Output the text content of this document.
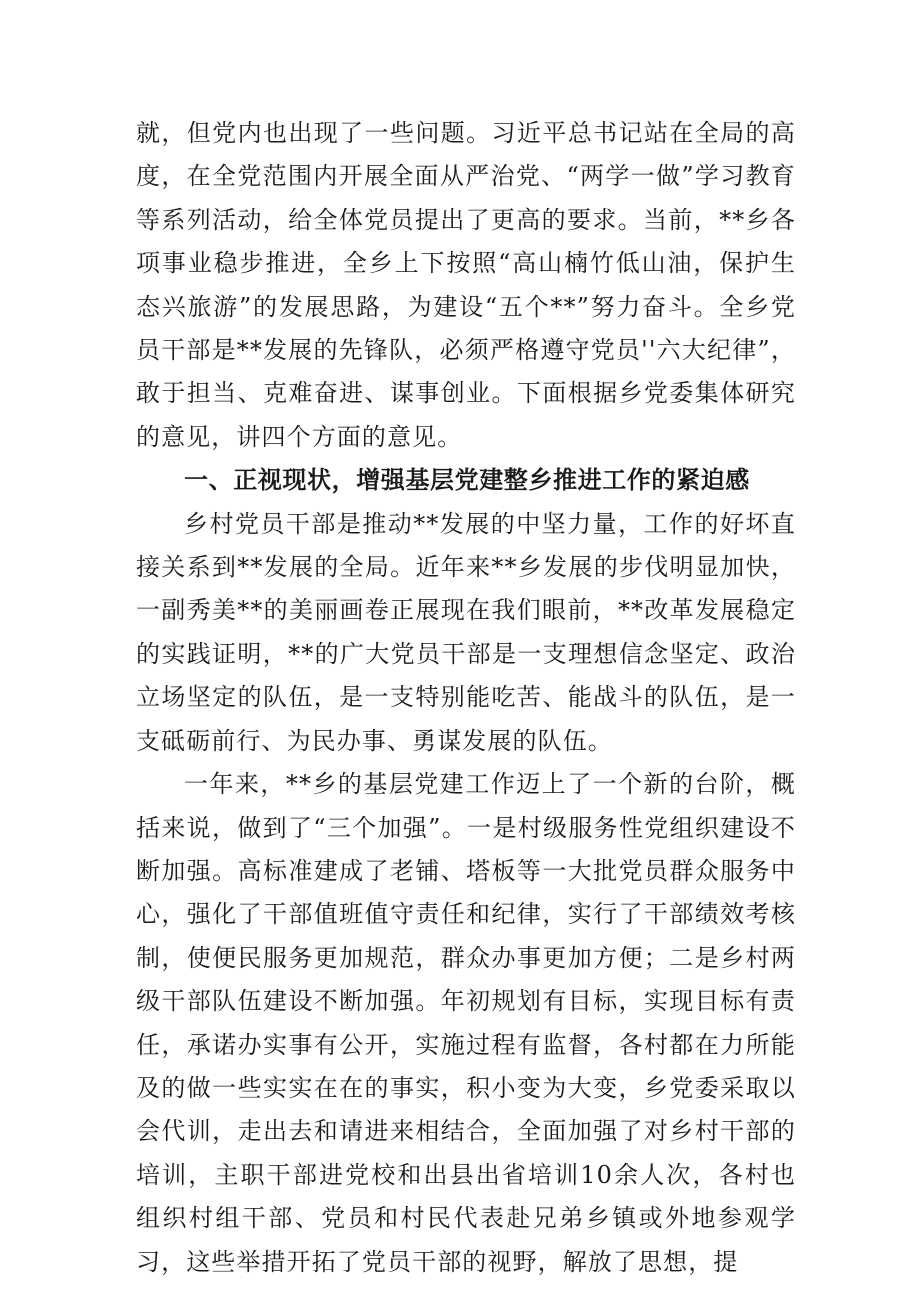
就，但党内也出现了一些问题。习近平总书记站在全局的高度，在全党范围内开展全面从严治党、“两学一做”学习教育等系列活动，给全体党员提出了更高的要求。当前，**乡各项事业稳步推进，全乡上下按照“高山楠竹低山油，保护生态兴旅游”的发展思路，为建设“五个**”努力奋斗。全乡党员干部是**发展的先锋队，必须严格遵守党员''六大纪律”，敢于担当、克难奋进、谋事创业。下面根据乡党委集体研究的意见，讲四个方面的意见。

一、正视现状，增强基层党建整乡推进工作的紧迫感

乡村党员干部是推动**发展的中坚力量，工作的好坏直接关系到**发展的全局。近年来**乡发展的步伐明显加快，一副秀美**的美丽画卷正展现在我们眼前，**改革发展稳定的实践证明，**的广大党员干部是一支理想信念坚定、政治立场坚定的队伍，是一支特别能吃苦、能战斗的队伍，是一支砥砺前行、为民办事、勇谋发展的队伍。

一年来，**乡的基层党建工作迈上了一个新的台阶，概括来说，做到了“三个加强”。一是村级服务性党组织建设不断加强。高标准建成了老铺、塔板等一大批党员群众服务中心，强化了干部值班值守责任和纪律，实行了干部绩效考核制，使便民服务更加规范，群众办事更加方便；二是乡村两级干部队伍建设不断加强。年初规划有目标，实现目标有责任，承诺办实事有公开，实施过程有监督，各村都在力所能及的做一些实实在在的事实，积小变为大变，乡党委采取以会代训，走出去和请进来相结合，全面加强了对乡村干部的培训，主职干部进党校和出县出省培训10余人次，各村也组织村组干部、党员和村民代表赴兄弟乡镇或外地参观学习，这些举措开拓了党员干部的视野，解放了思想，提
